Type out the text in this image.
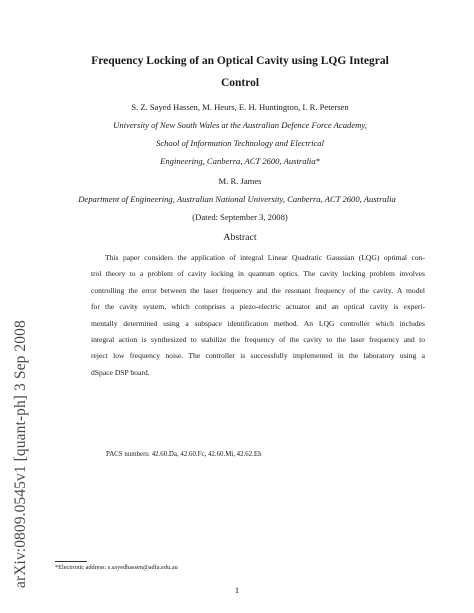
arXiv:0809.0545v1 [quant-ph] 3 Sep 2008
Frequency Locking of an Optical Cavity using LQG Integral
Control
S. Z. Sayed Hassen, M. Heurs, E. H. Huntington, I. R. Petersen
University of New South Wales at the Australian Defence Force Academy,
School of Information Technology and Electrical
Engineering, Canberra, ACT 2600, Australia*
M. R. James
Department of Engineering, Australian National University, Canberra, ACT 2600, Australia
(Dated: September 3, 2008)
Abstract
This paper considers the application of integral Linear Quadratic Gaussian (LQG) optimal con-
trol theory to a problem of cavity locking in quantum optics. The cavity locking problem involves
controlling the error between the laser frequency and the resonant frequency of the cavity. A model
for the cavity system, which comprises a piezo-electric actuator and an optical cavity is experi-
mentally determined using a subspace identification method. An LQG controller which includes
integral action is synthesized to stabilize the frequency of the cavity to the laser frequency and to
reject low frequency noise. The controller is successfully implemented in the laboratory using a
dSpace DSP board.
PACS numbers: 42.60.Da, 42.60.Fc, 42.60.Mi, 42.62.Eh
*Electronic address: s.sayedhassen@adfa.edu.au
1
